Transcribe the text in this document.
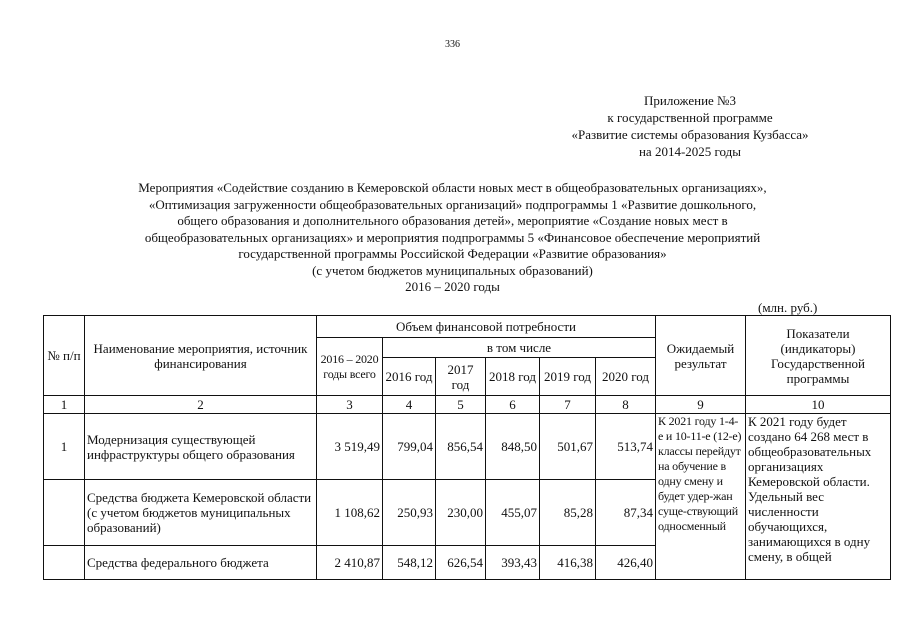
336
Приложение №3
к государственной программе
«Развитие системы образования Кузбасса»
на 2014-2025 годы
Мероприятия «Содействие созданию в Кемеровской области новых мест в общеобразовательных организациях»,
«Оптимизация загруженности общеобразовательных организаций» подпрограммы 1 «Развитие дошкольного,
общего образования и дополнительного образования детей», мероприятие «Создание новых мест в
общеобразовательных организациях» и мероприятия подпрограммы 5 «Финансовое обеспечение мероприятий
государственной программы Российской Федерации «Развитие образования»
(с учетом бюджетов муниципальных образований)
2016 – 2020 годы
(млн. руб.)
№ п/п	Наименование мероприятия, источник финансирования	Объем финансовой потребности						Ожидаемый результат	Показатели (индикаторы) Государственной программы
		2016 – 2020 годы всего	в том числе						
			2016 год	2017 год	2018 год	2019 год	2020 год		
1	2	3	4	5	6	7	8	9	10
1	Модернизация существующей инфраструктуры общего образования	3 519,49	799,04	856,54	848,50	501,67	513,74	К 2021 году 1-4-е и 10-11-е (12-е) классы перейдут на обучение в одну смену и будет удер-жан суще-ствующий односменный	К 2021 году будет создано 64 268 мест в общеобразовательных организациях Кемеровской области. Удельный вес численности обучающихся, занимающихся в одну смену, в общей
	Средства бюджета Кемеровской области (с учетом бюджетов муниципальных образований)	1 108,62	250,93	230,00	455,07	85,28	87,34		
	Средства федерального бюджета	2 410,87	548,12	626,54	393,43	416,38	426,40		
